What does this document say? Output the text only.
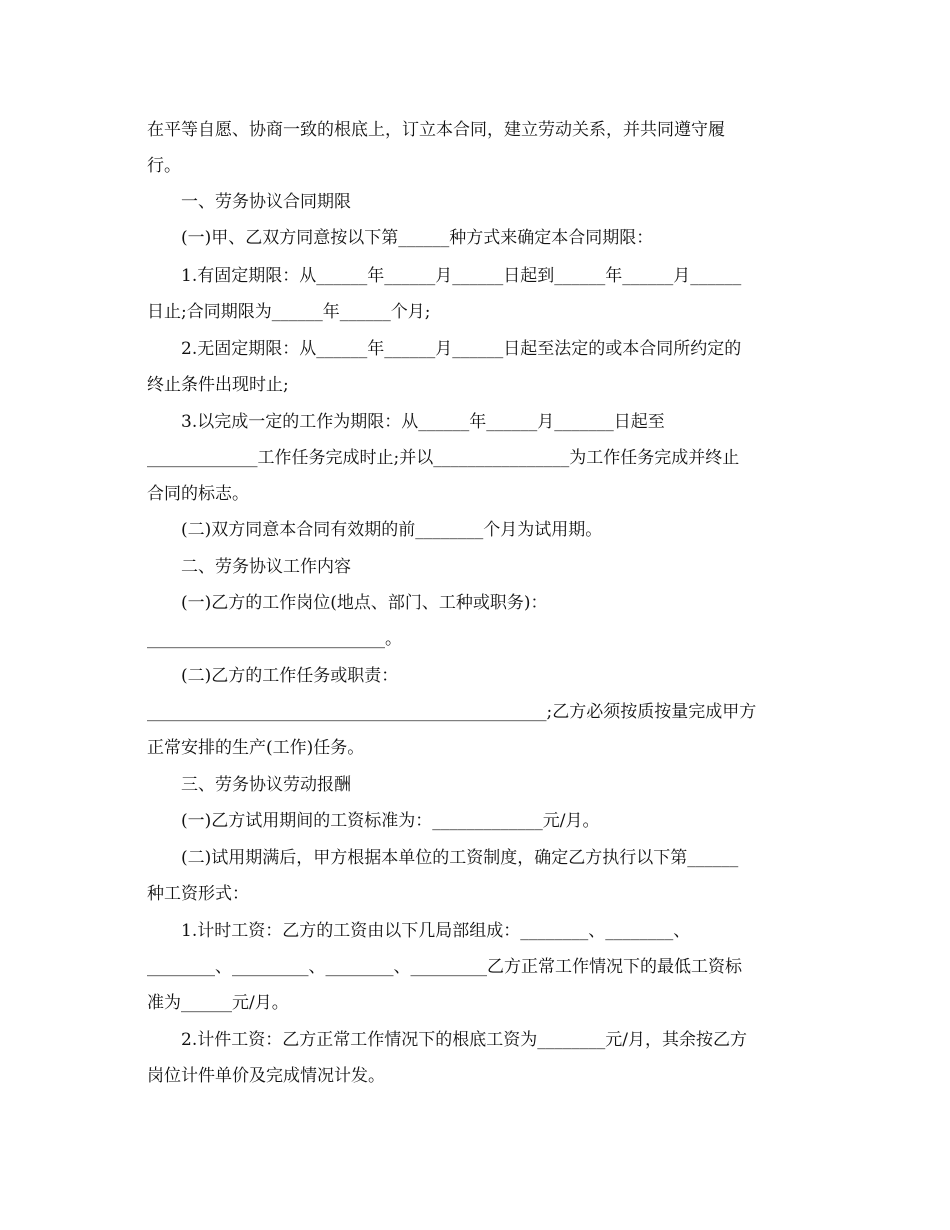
在平等自愿、协商一致的根底上，订立本合同，建立劳动关系，并共同遵守履

行。

一、劳务协议合同期限

(一)甲、乙双方同意按以下第______种方式来确定本合同期限：

1.有固定期限：从______年______月______日起到______年______月______

日止;合同期限为______年______个月;

2.无固定期限：从______年______月______日起至法定的或本合同所约定的

终止条件出现时止;

3.以完成一定的工作为期限：从______年______月_______日起至

_____________工作任务完成时止;并以________________为工作任务完成并终止

合同的标志。

(二)双方同意本合同有效期的前________个月为试用期。

二、劳务协议工作内容

(一)乙方的工作岗位(地点、部门、工种或职务)：

____________________________。

(二)乙方的工作任务或职责：

_______________________________________________;乙方必须按质按量完成甲方

正常安排的生产(工作)任务。

三、劳务协议劳动报酬

(一)乙方试用期间的工资标准为：_____________元/月。

(二)试用期满后，甲方根据本单位的工资制度，确定乙方执行以下第______

种工资形式：

1.计时工资：乙方的工资由以下几局部组成：________、________、

________、_________、________、_________乙方正常工作情况下的最低工资标

准为______元/月。

2.计件工资：乙方正常工作情况下的根底工资为________元/月，其余按乙方

岗位计件单价及完成情况计发。
